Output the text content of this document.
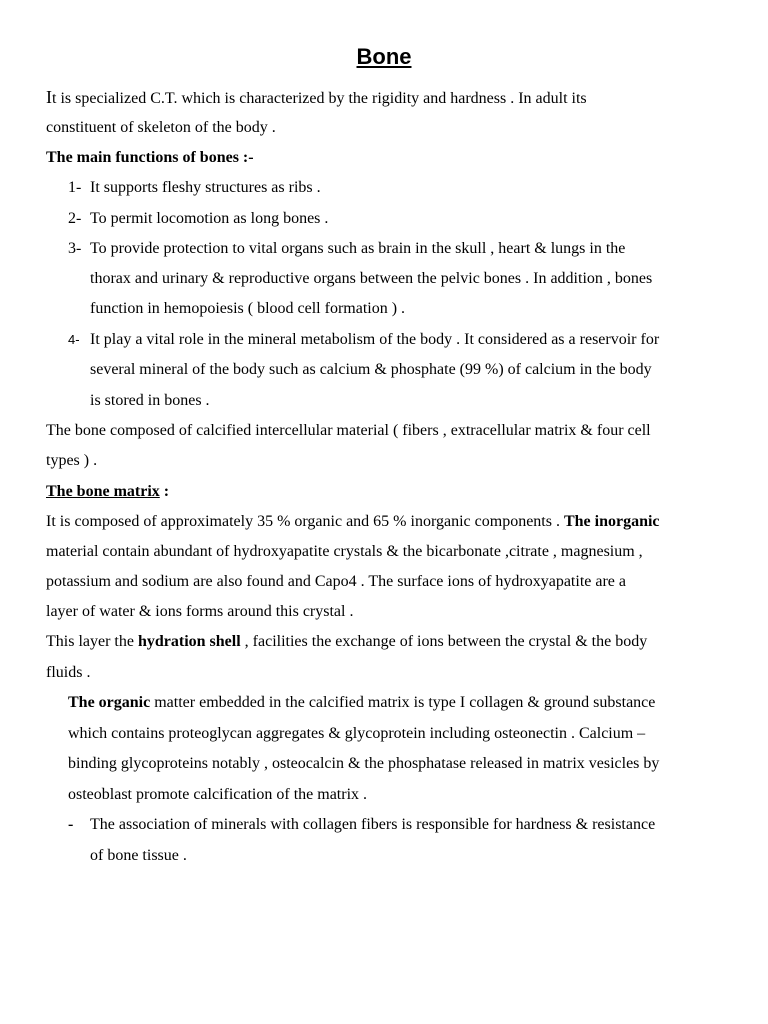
Bone
It is specialized C.T. which is characterized by the rigidity and hardness . In adult its
constituent of skeleton of the body .
The main functions of bones :-
1- It supports fleshy structures as ribs .
2- To permit locomotion as long bones .
3- To provide protection to vital organs such as brain in the skull , heart & lungs in the
thorax and urinary & reproductive organs between the pelvic bones . In addition , bones
function in hemopoiesis ( blood cell formation ) .
4- It play a vital role in the mineral metabolism of the body . It considered as a reservoir for
several mineral of the body such as calcium & phosphate (99 %) of calcium in the body
is stored in bones .
The bone composed of calcified intercellular material ( fibers , extracellular matrix & four cell
types ) .
The bone matrix :
It is composed of approximately 35 % organic and 65 % inorganic components . The inorganic
material contain abundant of hydroxyapatite crystals & the bicarbonate ,citrate , magnesium ,
potassium and sodium are also found and Capo4 . The surface ions of hydroxyapatite are a
layer of water & ions forms around this crystal .
This layer the hydration shell , facilities the exchange of ions between the crystal & the body
fluids .
The organic matter embedded in the calcified matrix is type I collagen & ground substance
which contains proteoglycan aggregates & glycoprotein including osteonectin . Calcium –
binding glycoproteins notably , osteocalcin & the phosphatase released in matrix vesicles by
osteoblast promote calcification of the matrix .
- The association of minerals with collagen fibers is responsible for hardness & resistance
of bone tissue .
